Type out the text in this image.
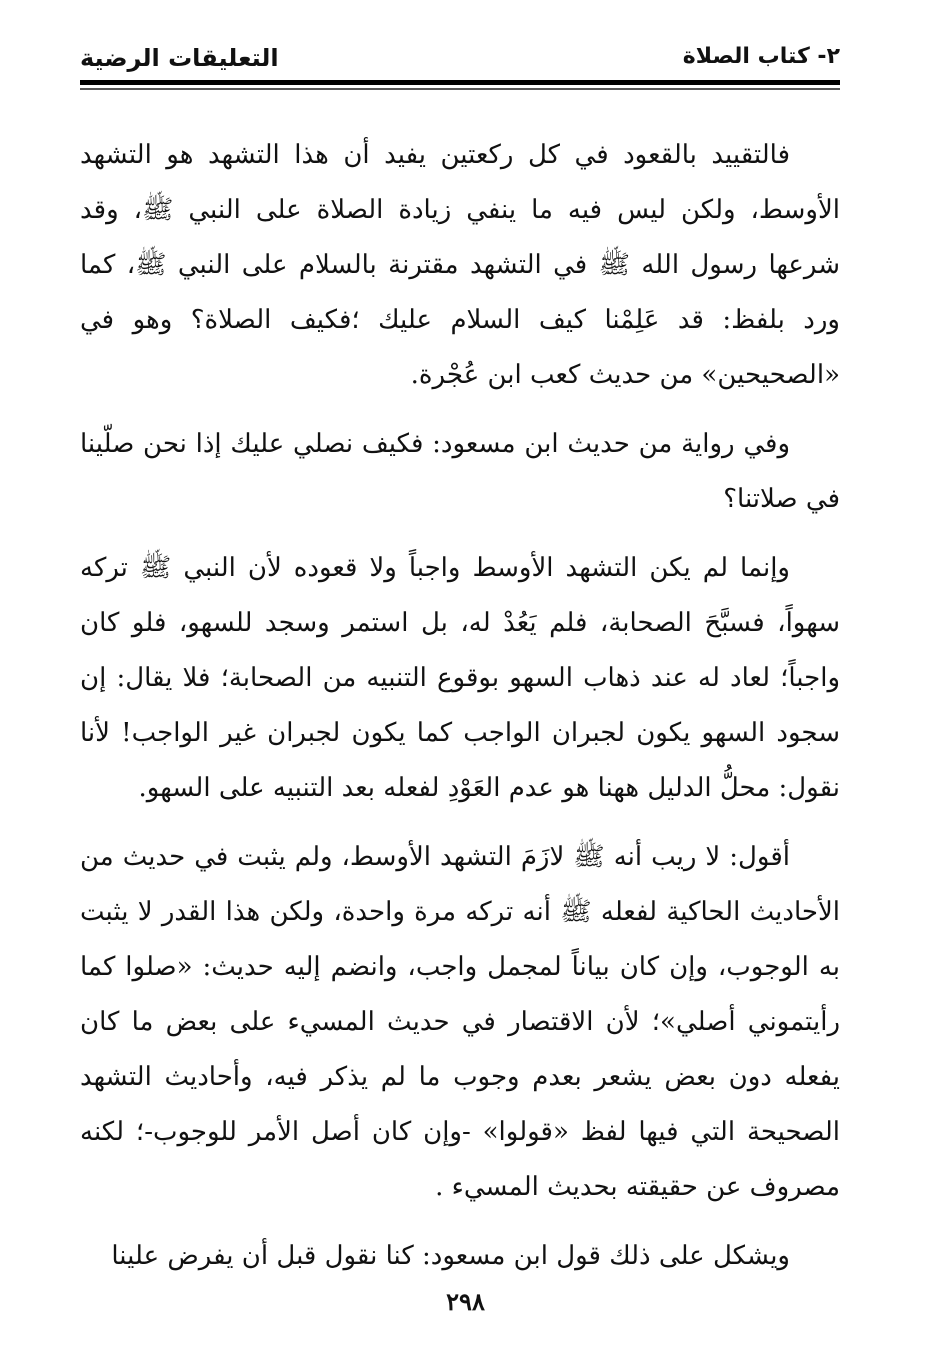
٢- كتاب الصلاة
التعليقات الرضية

فالتقييد بالقعود في كل ركعتين يفيد أن هذا التشهد هو التشهد الأوسط، ولكن ليس فيه ما ينفي زيادة الصلاة على النبي ﷺ، وقد شرعها رسول الله ﷺ في التشهد مقترنة بالسلام على النبي ﷺ، كما ورد بلفظ: قد عَلِمْنا كيف السلام عليك ؛فكيف الصلاة؟ وهو في «الصحيحين» من حديث كعب ابن عُجْرة.

وفي رواية من حديث ابن مسعود: فكيف نصلي عليك إذا نحن صلّينا في صلاتنا؟

وإنما لم يكن التشهد الأوسط واجباً ولا قعوده لأن النبي ﷺ تركه سهواً، فسبَّحَ الصحابة، فلم يَعُدْ له، بل استمر وسجد للسهو، فلو كان واجباً؛ لعاد له عند ذهاب السهو بوقوع التنبيه من الصحابة؛ فلا يقال: إن سجود السهو يكون لجبران الواجب كما يكون لجبران غير الواجب! لأنا نقول: محلُّ الدليل ههنا هو عدم العَوْدِ لفعله بعد التنبيه على السهو.

أقول: لا ريب أنه ﷺ لازَمَ التشهد الأوسط، ولم يثبت في حديث من الأحاديث الحاكية لفعله ﷺ أنه تركه مرة واحدة، ولكن هذا القدر لا يثبت به الوجوب، وإن كان بياناً لمجمل واجب، وانضم إليه حديث: «صلوا كما رأيتموني أصلي»؛ لأن الاقتصار في حديث المسيء على بعض ما كان يفعله دون بعض يشعر بعدم وجوب ما لم يذكر فيه، وأحاديث التشهد الصحيحة التي فيها لفظ «قولوا» -وإن كان أصل الأمر للوجوب-؛ لكنه مصروف عن حقيقته بحديث المسيء .

ويشكل على ذلك قول ابن مسعود: كنا نقول قبل أن يفرض علينا

٢٩٨
